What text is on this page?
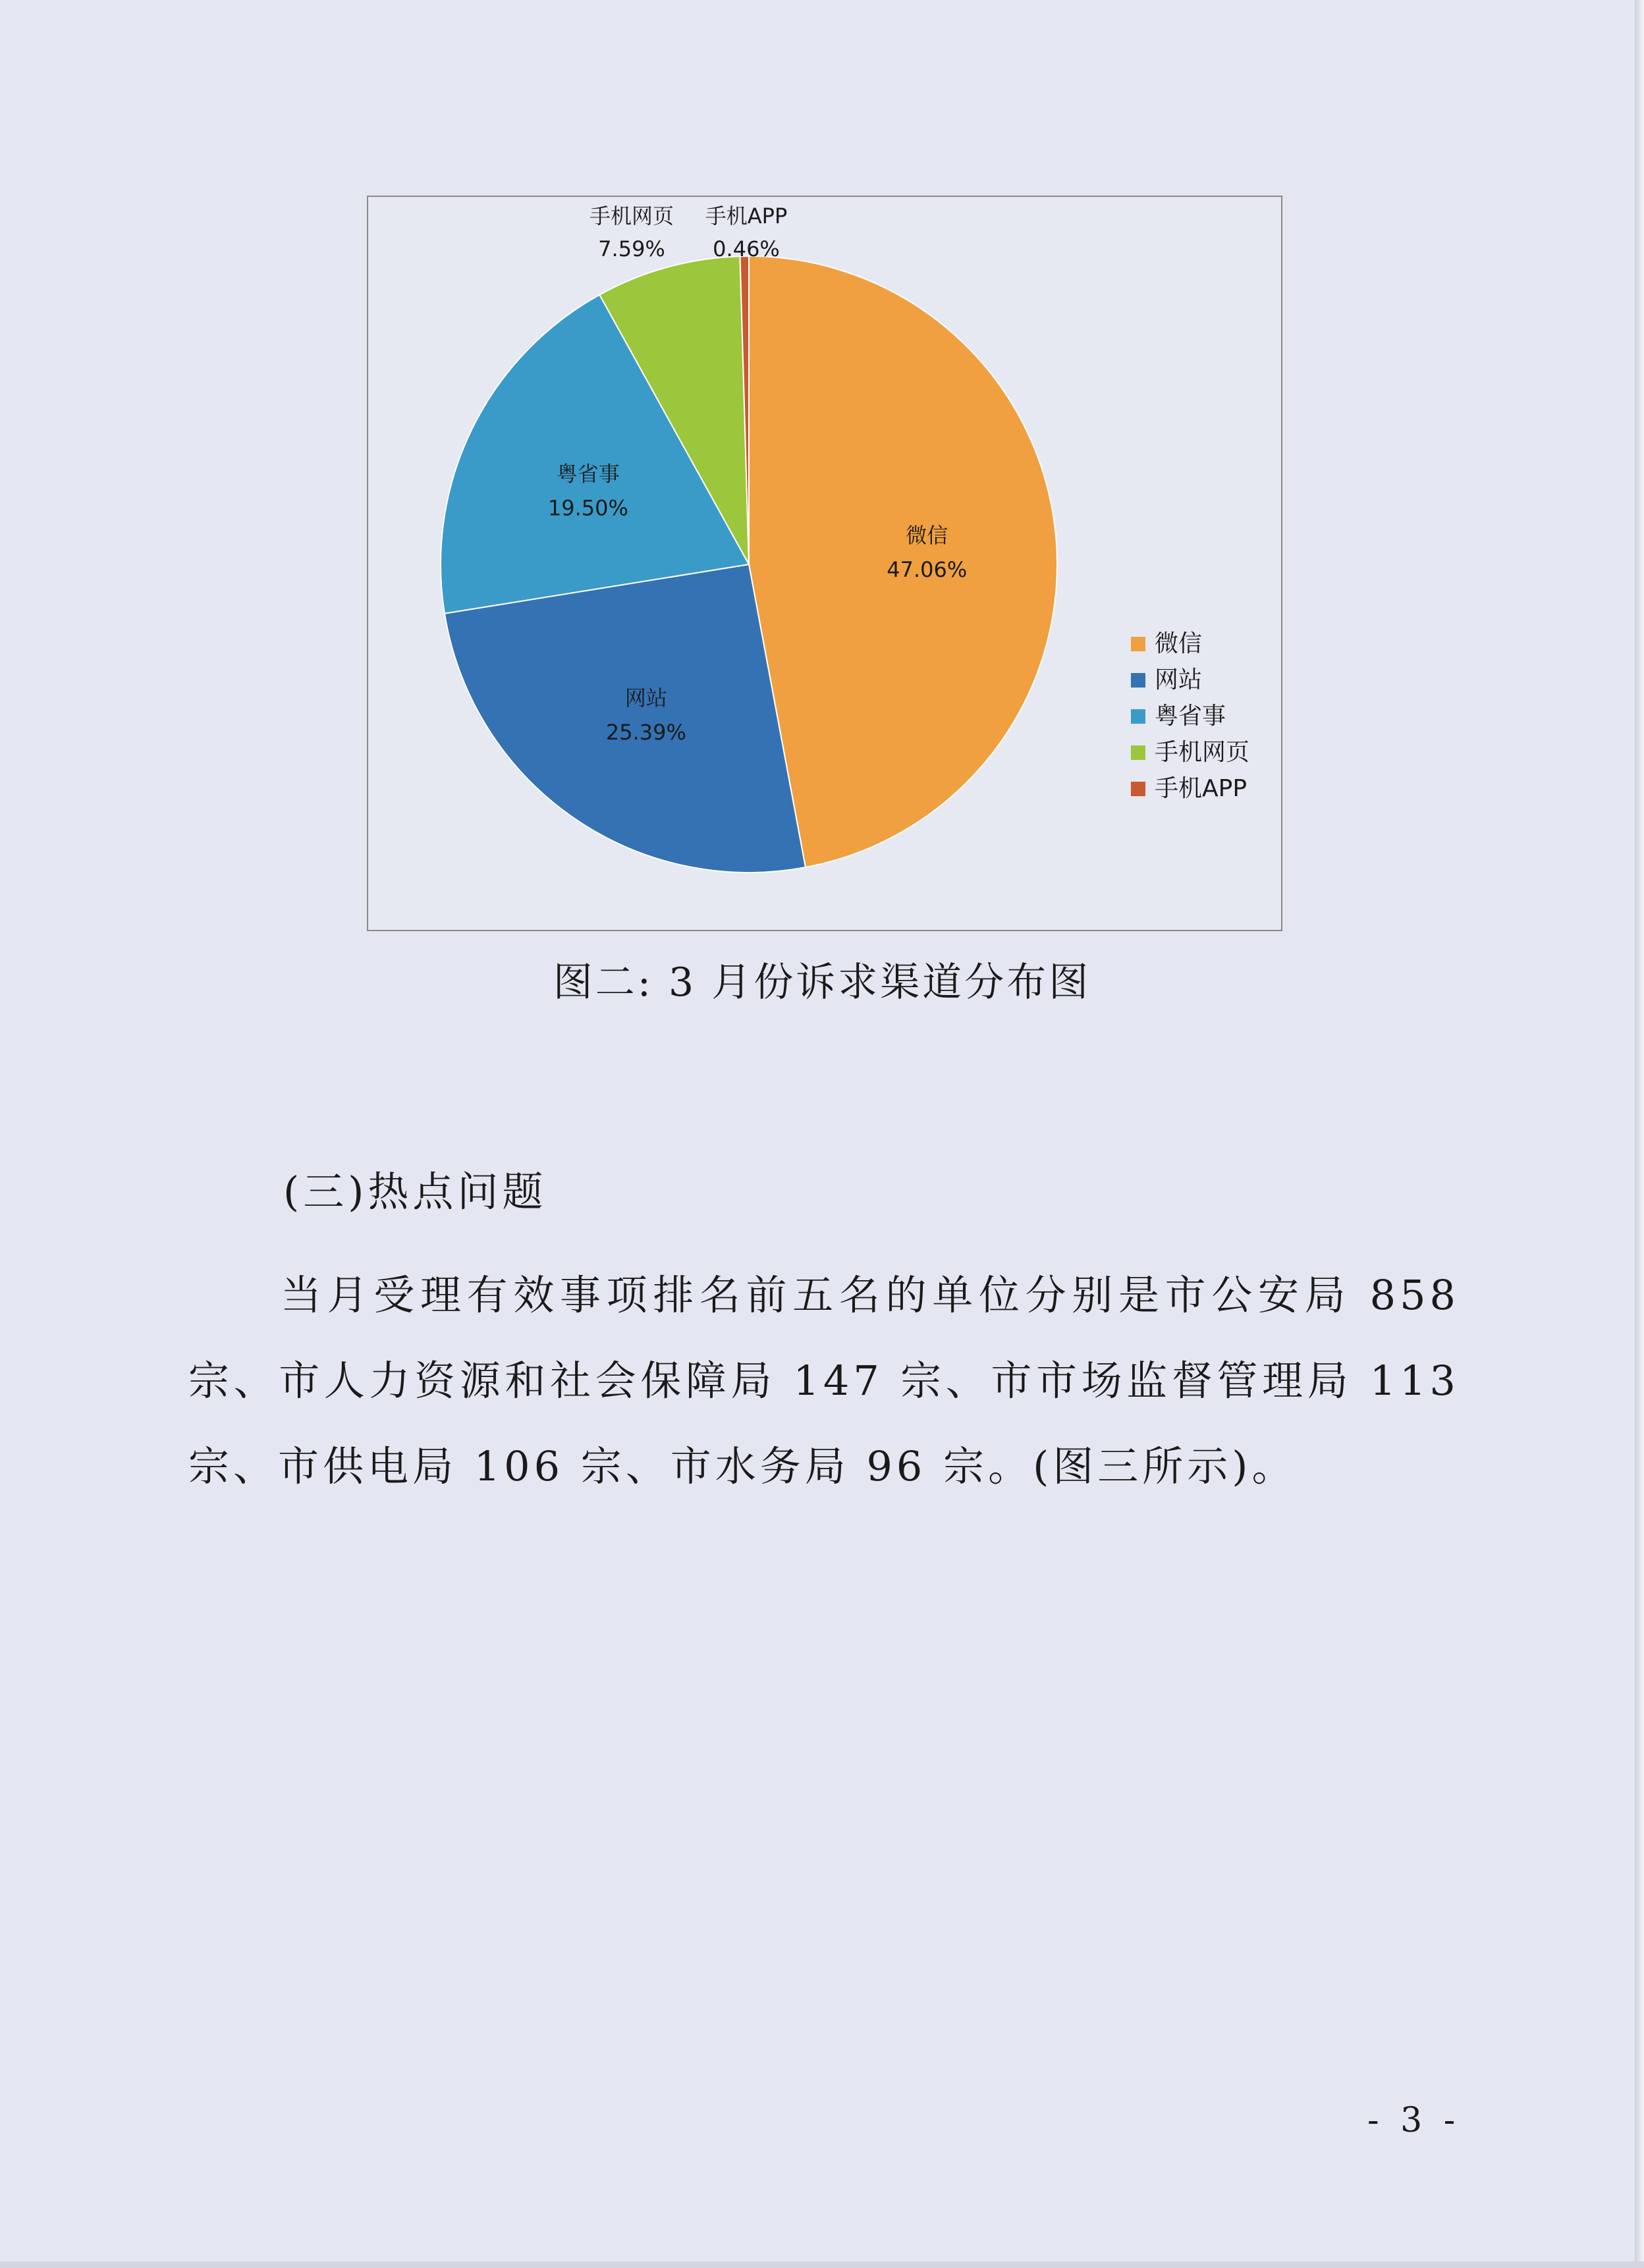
微信
47.06%
网站
25.39%
粤省事
19.50%
手机网页
7.59%
手机APP
0.46%
微信
网站
粤省事
手机网页
手机APP

图二: 3 月份诉求渠道分布图

(三)热点问题

当月受理有效事项排名前五名的单位分别是市公安局 858 宗、市人力资源和社会保障局 147 宗、市市场监督管理局 113 宗、市供电局 106 宗、市水务局 96 宗。(图三所示)。

- 3 -
